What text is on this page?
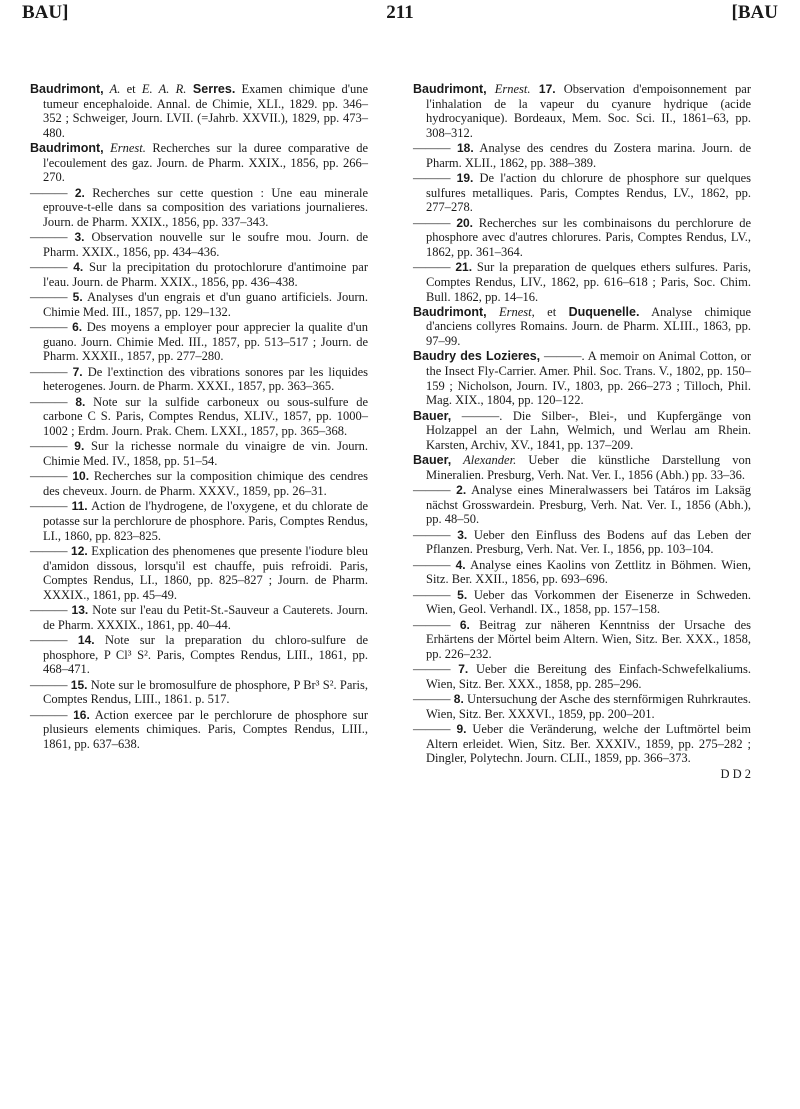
BAU]	211	[BAU
Baudrimont, A. et E. A. R. Serres. Examen chimique d'une tumeur encephaloide. Annal. de Chimie, XLI., 1829. pp. 346–352 ; Schweiger, Journ. LVII. (=Jahrb. XXVII.), 1829, pp. 473–480.
Baudrimont, Ernest. Recherches sur la duree comparative de l'ecoulement des gaz. Journ. de Pharm. XXIX., 1856, pp. 266–270.
——— 2. Recherches sur cette question : Une eau minerale eprouve-t-elle dans sa composition des variations journalieres. Journ. de Pharm. XXIX., 1856, pp. 337–343.
——— 3. Observation nouvelle sur le soufre mou. Journ. de Pharm. XXIX., 1856, pp. 434–436.
——— 4. Sur la precipitation du protochlorure d'antimoine par l'eau. Journ. de Pharm. XXIX., 1856, pp. 436–438.
——— 5. Analyses d'un engrais et d'un guano artificiels. Journ. Chimie Med. III., 1857, pp. 129–132.
——— 6. Des moyens a employer pour apprecier la qualite d'un guano. Journ. Chimie Med. III., 1857, pp. 513–517 ; Journ. de Pharm. XXXII., 1857, pp. 277–280.
——— 7. De l'extinction des vibrations sonores par les liquides heterogenes. Journ. de Pharm. XXXI., 1857, pp. 363–365.
——— 8. Note sur la sulfide carboneux ou sous-sulfure de carbone C S. Paris, Comptes Rendus, XLIV., 1857, pp. 1000–1002 ; Erdm. Journ. Prak. Chem. LXXI., 1857, pp. 365–368.
——— 9. Sur la richesse normale du vinaigre de vin. Journ. Chimie Med. IV., 1858, pp. 51–54.
——— 10. Recherches sur la composition chimique des cendres des cheveux. Journ. de Pharm. XXXV., 1859, pp. 26–31.
——— 11. Action de l'hydrogene, de l'oxygene, et du chlorate de potasse sur la perchlorure de phosphore. Paris, Comptes Rendus, LI., 1860, pp. 823–825.
——— 12. Explication des phenomenes que presente l'iodure bleu d'amidon dissous, lorsqu'il est chauffe, puis refroidi. Paris, Comptes Rendus, LI., 1860, pp. 825–827 ; Journ. de Pharm. XXXIX., 1861, pp. 45–49.
——— 13. Note sur l'eau du Petit-St.-Sauveur a Cauterets. Journ. de Pharm. XXXIX., 1861, pp. 40–44.
——— 14. Note sur la preparation du chloro-sulfure de phosphore, P Cl³ S². Paris, Comptes Rendus, LIII., 1861, pp. 468–471.
——— 15. Note sur le bromosulfure de phosphore, P Br³ S². Paris, Comptes Rendus, LIII., 1861. p. 517.
——— 16. Action exercee par le perchlorure de phosphore sur plusieurs elements chimiques. Paris, Comptes Rendus, LIII., 1861, pp. 637–638.
Baudrimont, Ernest. 17. Observation d'empoisonnement par l'inhalation de la vapeur du cyanure hydrique (acide hydrocyanique). Bordeaux, Mem. Soc. Sci. II., 1861–63, pp. 308–312.
——— 18. Analyse des cendres du Zostera marina. Journ. de Pharm. XLII., 1862, pp. 388–389.
——— 19. De l'action du chlorure de phosphore sur quelques sulfures metalliques. Paris, Comptes Rendus, LV., 1862, pp. 277–278.
——— 20. Recherches sur les combinaisons du perchlorure de phosphore avec d'autres chlorures. Paris, Comptes Rendus, LV., 1862, pp. 361–364.
——— 21. Sur la preparation de quelques ethers sulfures. Paris, Comptes Rendus, LIV., 1862, pp. 616–618 ; Paris, Soc. Chim. Bull. 1862, pp. 14–16.
Baudrimont, Ernest, et Duquenelle. Analyse chimique d'anciens collyres Romains. Journ. de Pharm. XLIII., 1863, pp. 97–99.
Baudry des Lozieres, ———. A memoir on Animal Cotton, or the Insect Fly-Carrier. Amer. Phil. Soc. Trans. V., 1802, pp. 150–159 ; Nicholson, Journ. IV., 1803, pp. 266–273 ; Tilloch, Phil. Mag. XIX., 1804, pp. 120–122.
Bauer, ———. Die Silber-, Blei-, und Kupfergänge von Holzappel an der Lahn, Welmich, und Werlau am Rhein. Karsten, Archiv, XV., 1841, pp. 137–209.
Bauer, Alexander. Ueber die künstliche Darstellung von Mineralien. Presburg, Verh. Nat. Ver. I., 1856 (Abh.) pp. 33–36.
——— 2. Analyse eines Mineralwassers bei Tatáros im Laksäg nächst Grosswardein. Presburg, Verh. Nat. Ver. I., 1856 (Abh.), pp. 48–50.
——— 3. Ueber den Einfluss des Bodens auf das Leben der Pflanzen. Presburg, Verh. Nat. Ver. I., 1856, pp. 103–104.
——— 4. Analyse eines Kaolins von Zettlitz in Böhmen. Wien, Sitz. Ber. XXII., 1856, pp. 693–696.
——— 5. Ueber das Vorkommen der Eisenerze in Schweden. Wien, Geol. Verhandl. IX., 1858, pp. 157–158.
——— 6. Beitrag zur näheren Kenntniss der Ursache des Erhärtens der Mörtel beim Altern. Wien, Sitz. Ber. XXX., 1858, pp. 226–232.
——— 7. Ueber die Bereitung des Einfach-Schwefelkaliums. Wien, Sitz. Ber. XXX., 1858, pp. 285–296.
——— 8. Untersuchung der Asche des sternförmigen Ruhrkrautes. Wien, Sitz. Ber. XXXVI., 1859, pp. 200–201.
——— 9. Ueber die Veränderung, welche der Luftmörtel beim Altern erleidet. Wien, Sitz. Ber. XXXIV., 1859, pp. 275–282 ; Dingler, Polytechn. Journ. CLII., 1859, pp. 366–373.
D D 2
